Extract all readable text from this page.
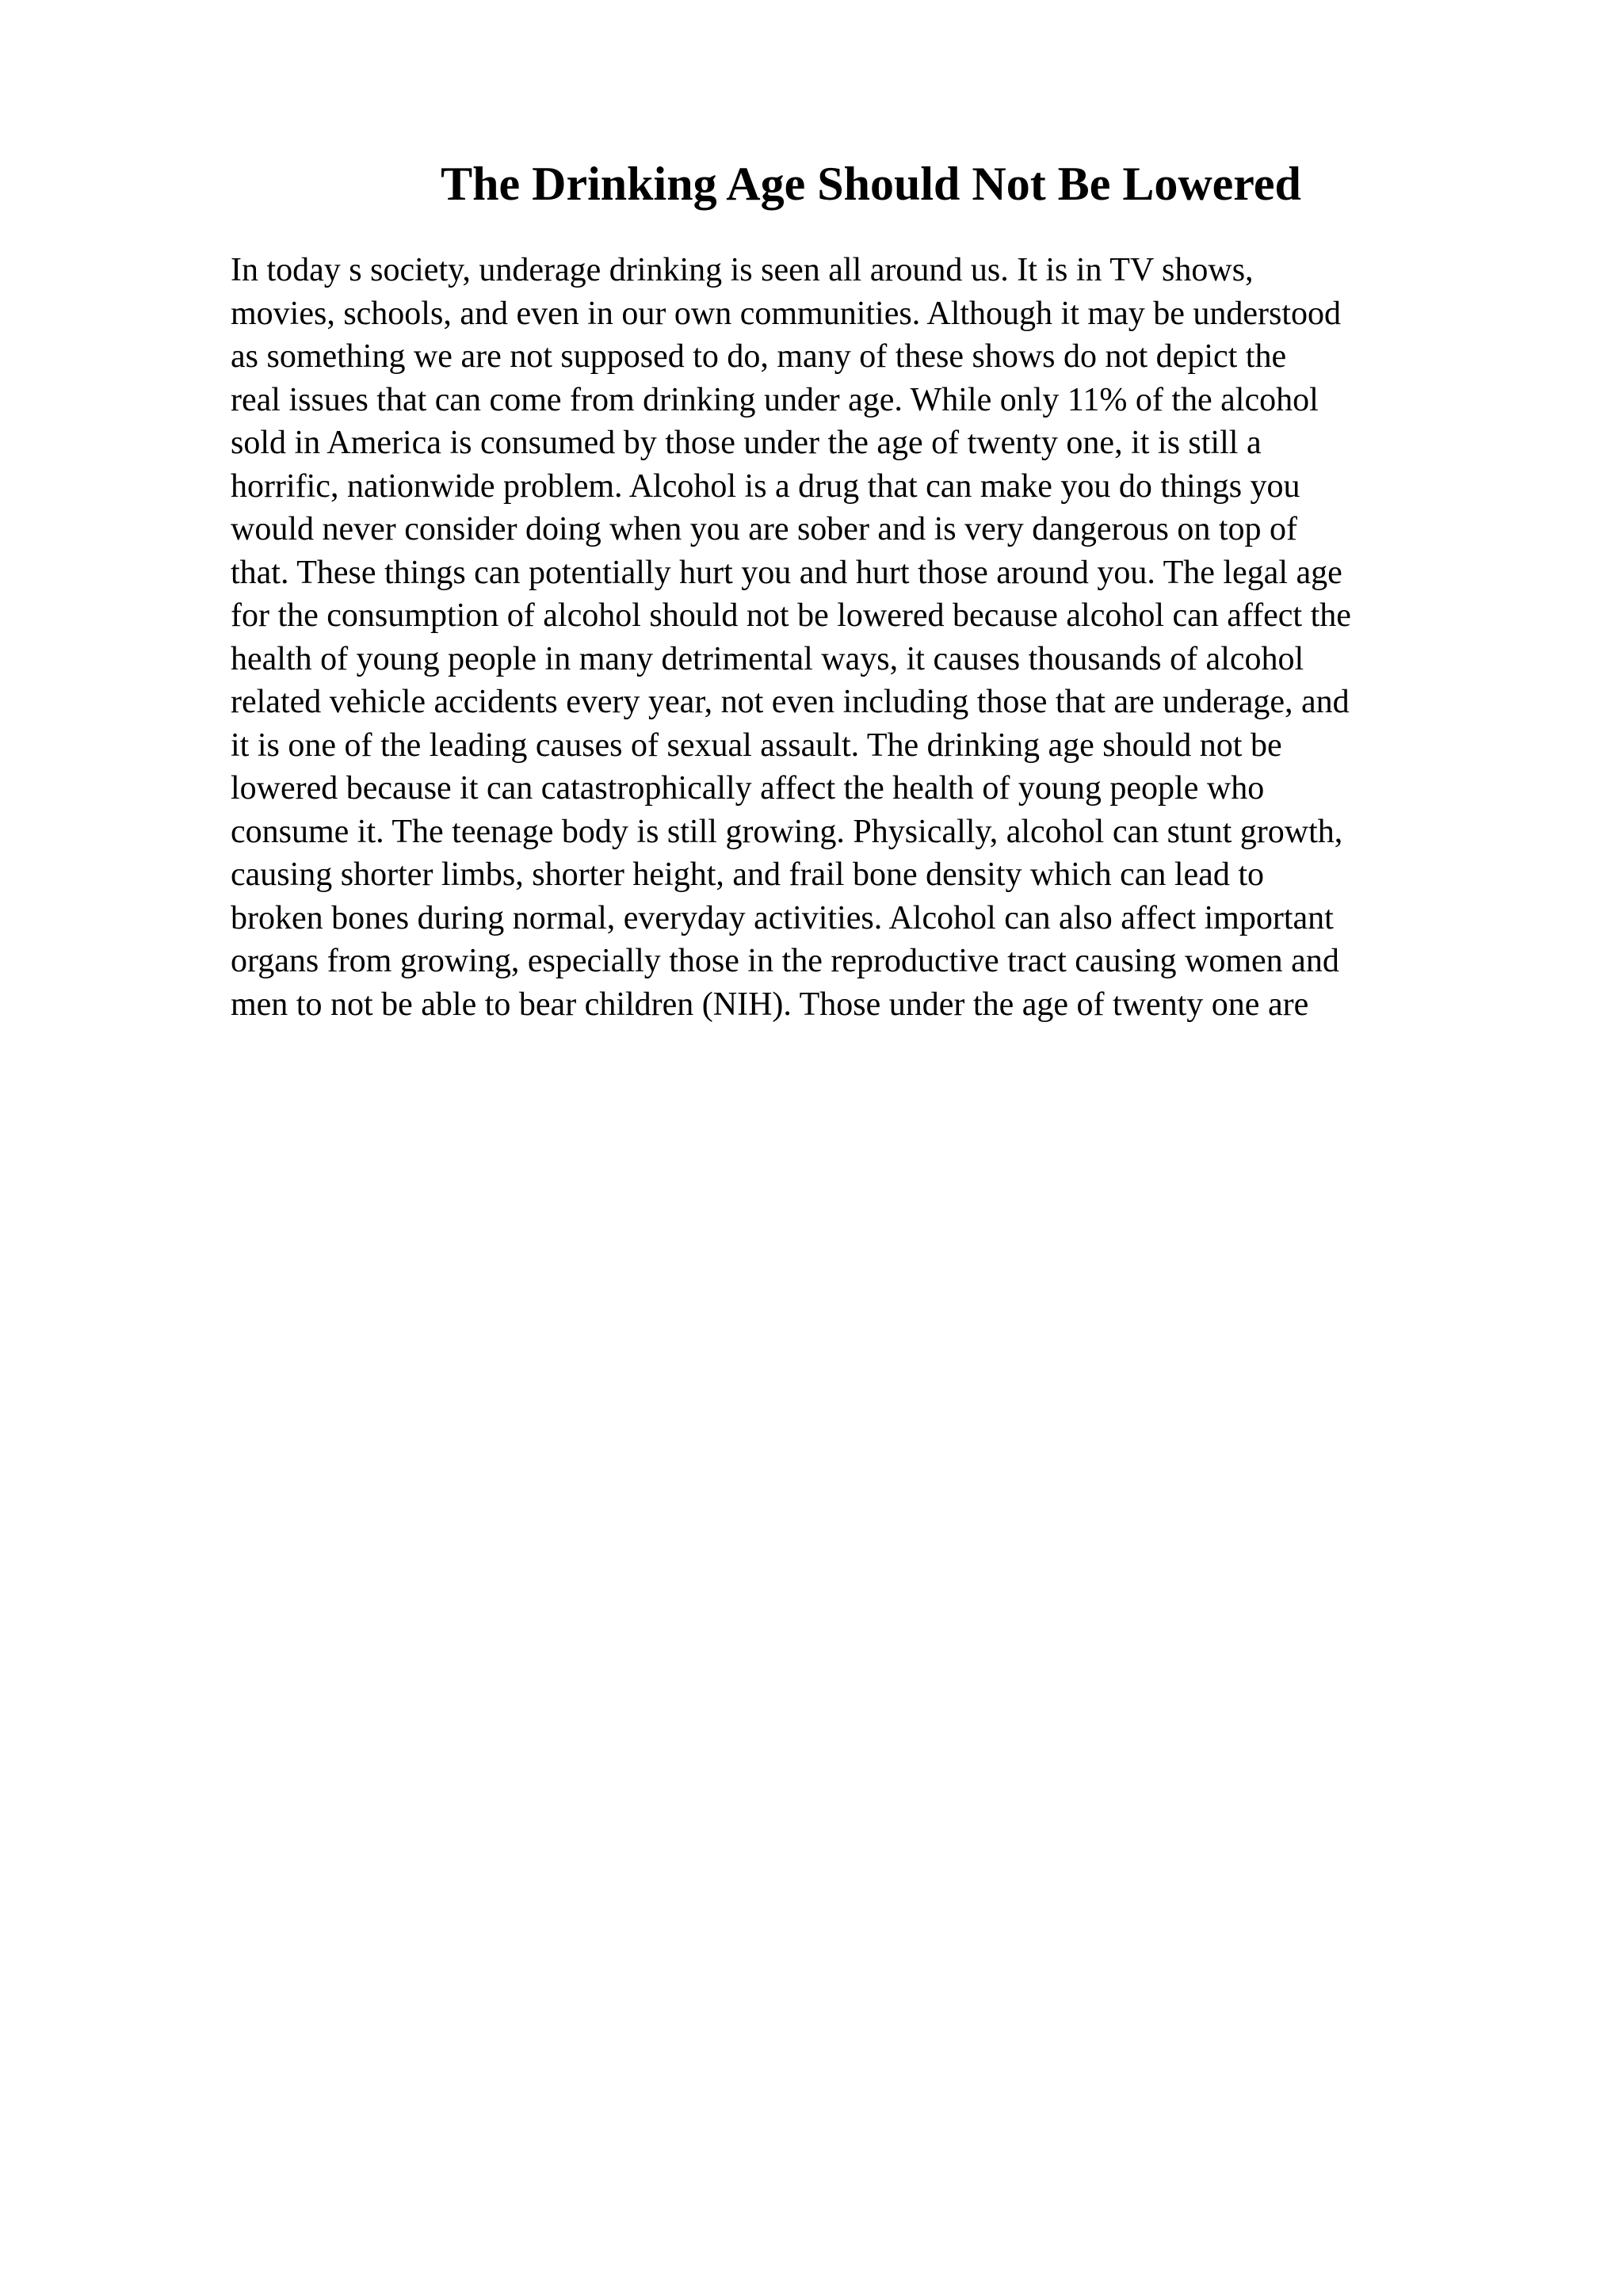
The Drinking Age Should Not Be Lowered
In today s society, underage drinking is seen all around us. It is in TV shows,
movies, schools, and even in our own communities. Although it may be understood
as something we are not supposed to do, many of these shows do not depict the
real issues that can come from drinking under age. While only 11% of the alcohol
sold in America is consumed by those under the age of twenty one, it is still a
horrific, nationwide problem. Alcohol is a drug that can make you do things you
would never consider doing when you are sober and is very dangerous on top of
that. These things can potentially hurt you and hurt those around you. The legal age
for the consumption of alcohol should not be lowered because alcohol can affect the
health of young people in many detrimental ways, it causes thousands of alcohol
related vehicle accidents every year, not even including those that are underage, and
it is one of the leading causes of sexual assault. The drinking age should not be
lowered because it can catastrophically affect the health of young people who
consume it. The teenage body is still growing. Physically, alcohol can stunt growth,
causing shorter limbs, shorter height, and frail bone density which can lead to
broken bones during normal, everyday activities. Alcohol can also affect important
organs from growing, especially those in the reproductive tract causing women and
men to not be able to bear children (NIH). Those under the age of twenty one are
